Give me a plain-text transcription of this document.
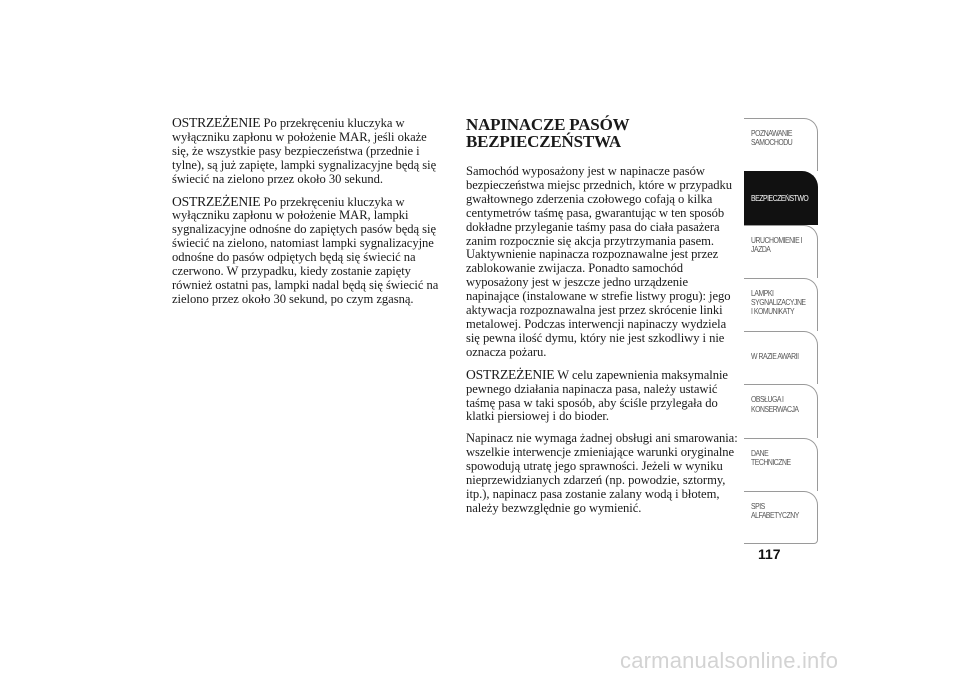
OSTRZEŻENIE Po przekręceniu kluczyka w wyłączniku zapłonu w położenie MAR, jeśli okaże się, że wszystkie pasy bezpieczeństwa (przednie i tylne), są już zapięte, lampki sygnalizacyjne będą się świecić na zielono przez około 30 sekund.

OSTRZEŻENIE Po przekręceniu kluczyka w wyłączniku zapłonu w położenie MAR, lampki sygnalizacyjne odnośne do zapiętych pasów będą się świecić na zielono, natomiast lampki sygnalizacyjne odnośne do pasów odpiętych będą się świecić na czerwono. W przypadku, kiedy zostanie zapięty również ostatni pas, lampki nadal będą się świecić na zielono przez około 30 sekund, po czym zgasną.

NAPINACZE PASÓW BEZPIECZEŃSTWA

Samochód wyposażony jest w napinacze pasów bezpieczeństwa miejsc przednich, które w przypadku gwałtownego zderzenia czołowego cofają o kilka centymetrów taśmę pasa, gwarantując w ten sposób dokładne przyleganie taśmy pasa do ciała pasażera zanim rozpocznie się akcja przytrzymania pasem. Uaktywnienie napinacza rozpoznawalne jest przez zablokowanie zwijacza. Ponadto samochód wyposażony jest w jeszcze jedno urządzenie napinające (instalowane w strefie listwy progu): jego aktywacja rozpoznawalna jest przez skrócenie linki metalowej. Podczas interwencji napinaczy wydziela się pewna ilość dymu, który nie jest szkodliwy i nie oznacza pożaru.

OSTRZEŻENIE W celu zapewnienia maksymalnie pewnego działania napinacza pasa, należy ustawić taśmę pasa w taki sposób, aby ściśle przylegała do klatki piersiowej i do bioder.

Napinacz nie wymaga żadnej obsługi ani smarowania: wszelkie interwencje zmieniające warunki oryginalne spowodują utratę jego sprawności. Jeżeli w wyniku nieprzewidzianych zdarzeń (np. powodzie, sztormy, itp.), napinacz pasa zostanie zalany wodą i błotem, należy bezwzględnie go wymienić.

POZNAWANIE
SAMOCHODU
BEZPIECZEŃSTWO
URUCHOMIENIE I
JAZDA
LAMPKI
SYGNALIZACYJNE
I KOMUNIKATY
W RAZIE AWARII
OBSŁUGA I
KONSERWACJA
DANE
TECHNICZNE
SPIS
ALFABETYCZNY
117
carmanualsonline.info
